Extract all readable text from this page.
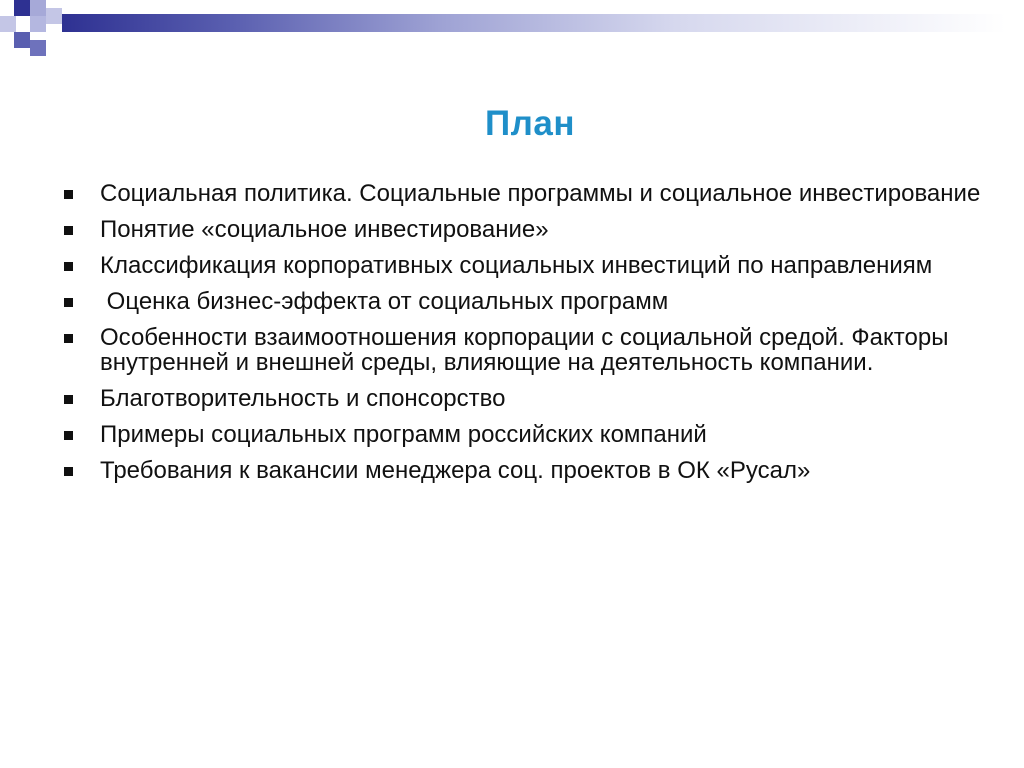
План
Социальная политика. Социальные программы и социальное инвестирование
Понятие «социальное инвестирование»
Классификация корпоративных социальных инвестиций по направлениям
Оценка бизнес-эффекта от социальных программ
Особенности взаимоотношения корпорации с социальной средой. Факторы внутренней и внешней среды, влияющие на деятельность компании.
Благотворительность и спонсорство
Примеры социальных программ российских компаний
Требования к вакансии менеджера соц. проектов в ОК «Русал»
